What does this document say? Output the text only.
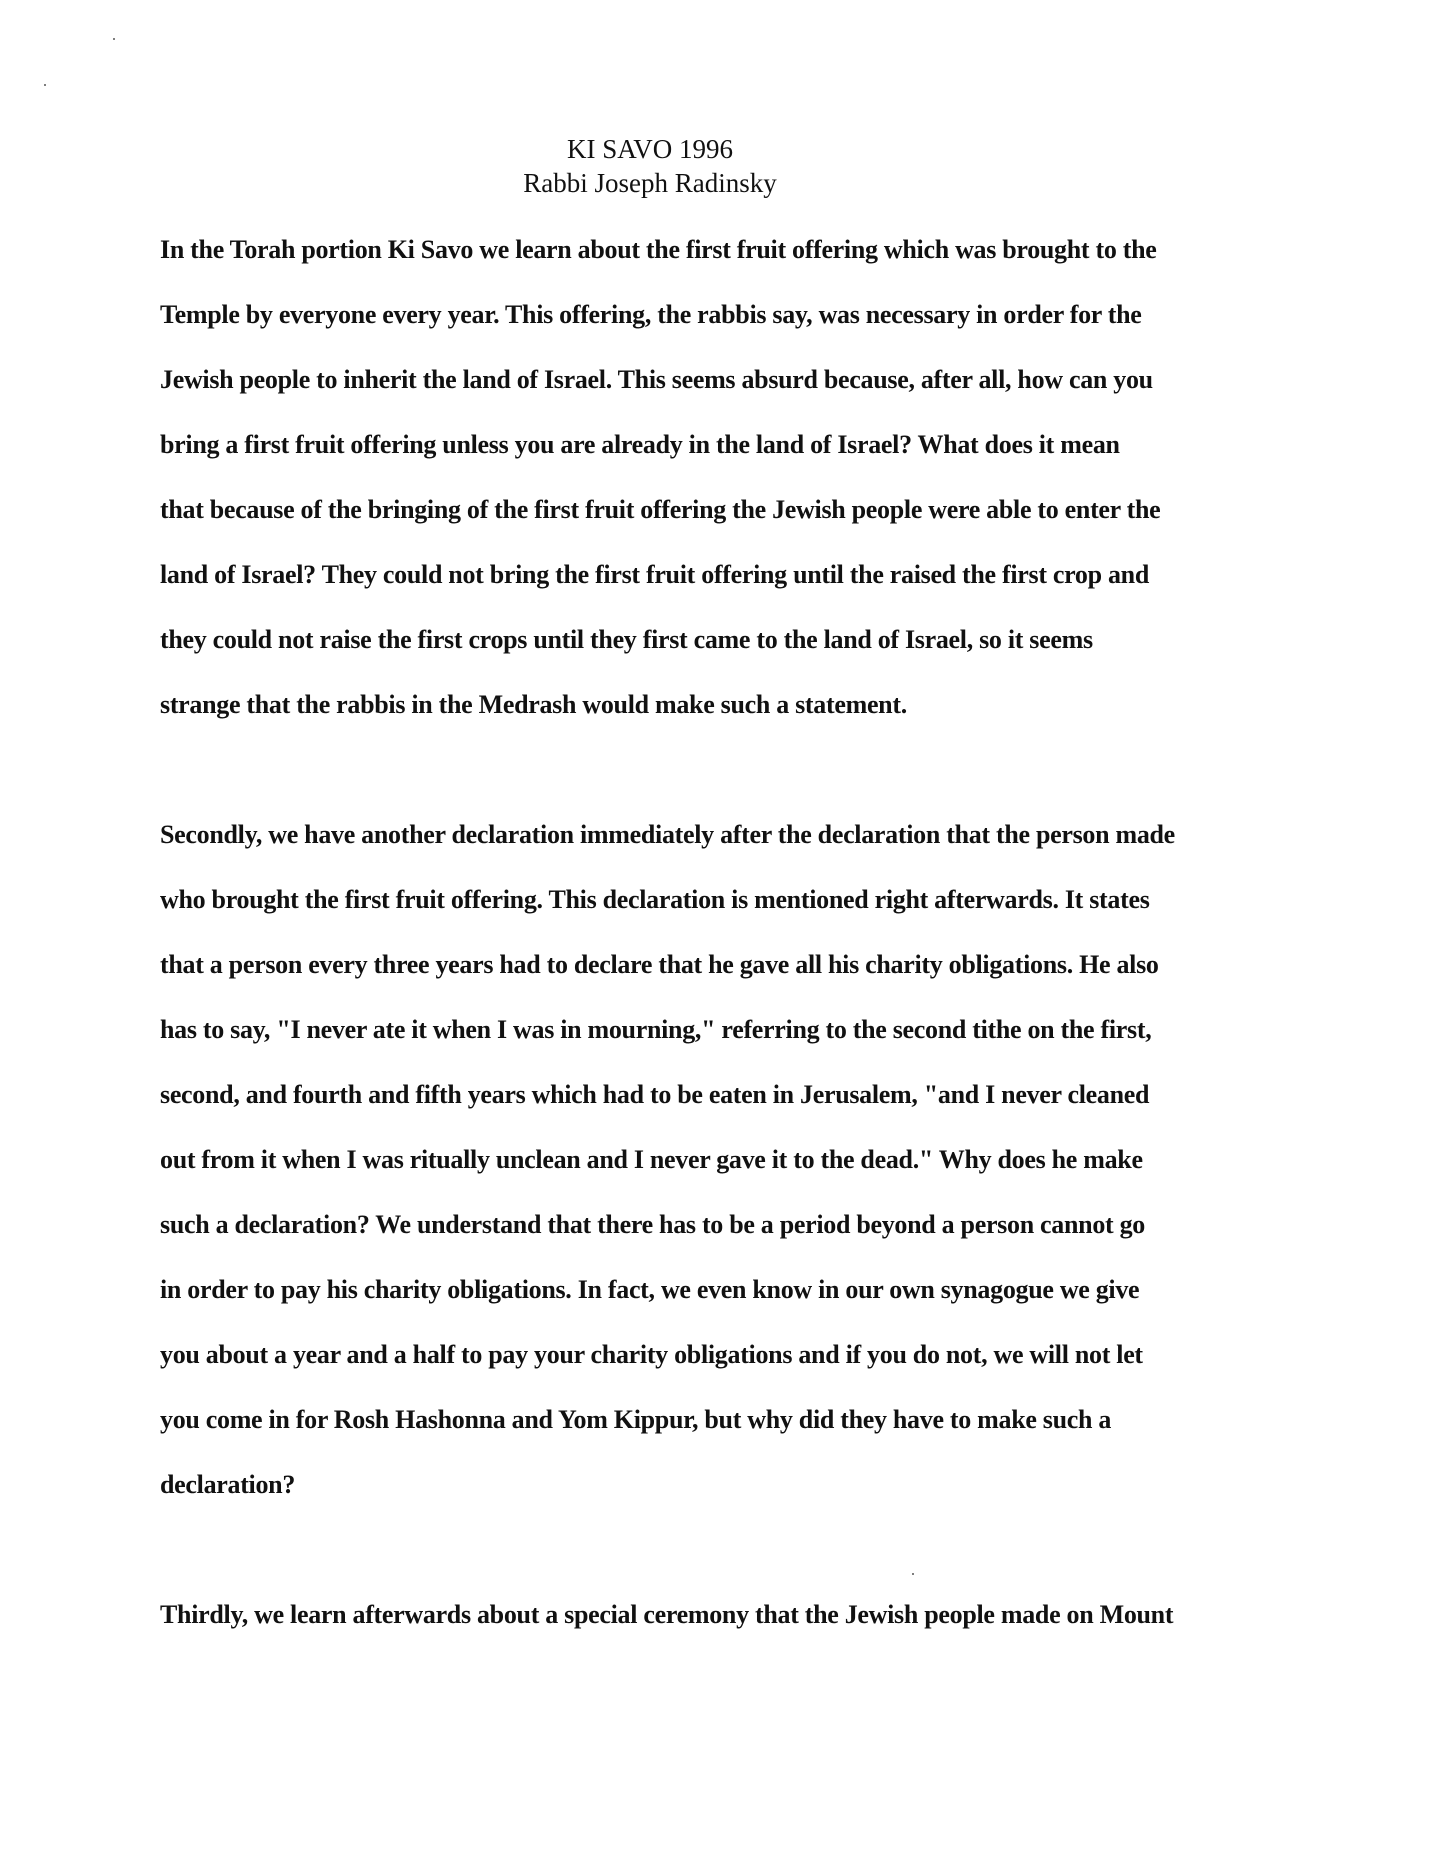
KI SAVO 1996
Rabbi Joseph Radinsky
In the Torah portion Ki Savo we learn about the first fruit offering which was brought to the
Temple by everyone every year. This offering, the rabbis say, was necessary in order for the
Jewish people to inherit the land of Israel. This seems absurd because, after all, how can you
bring a first fruit offering unless you are already in the land of Israel? What does it mean
that because of the bringing of the first fruit offering the Jewish people were able to enter the
land of Israel? They could not bring the first fruit offering until the raised the first crop and
they could not raise the first crops until they first came to the land of Israel, so it seems
strange that the rabbis in the Medrash would make such a statement.
Secondly, we have another declaration immediately after the declaration that the person made
who brought the first fruit offering. This declaration is mentioned right afterwards. It states
that a person every three years had to declare that he gave all his charity obligations. He also
has to say, "I never ate it when I was in mourning," referring to the second tithe on the first,
second, and fourth and fifth years which had to be eaten in Jerusalem, "and I never cleaned
out from it when I was ritually unclean and I never gave it to the dead." Why does he make
such a declaration? We understand that there has to be a period beyond a person cannot go
in order to pay his charity obligations. In fact, we even know in our own synagogue we give
you about a year and a half to pay your charity obligations and if you do not, we will not let
you come in for Rosh Hashonna and Yom Kippur, but why did they have to make such a
declaration?
Thirdly, we learn afterwards about a special ceremony that the Jewish people made on Mount
